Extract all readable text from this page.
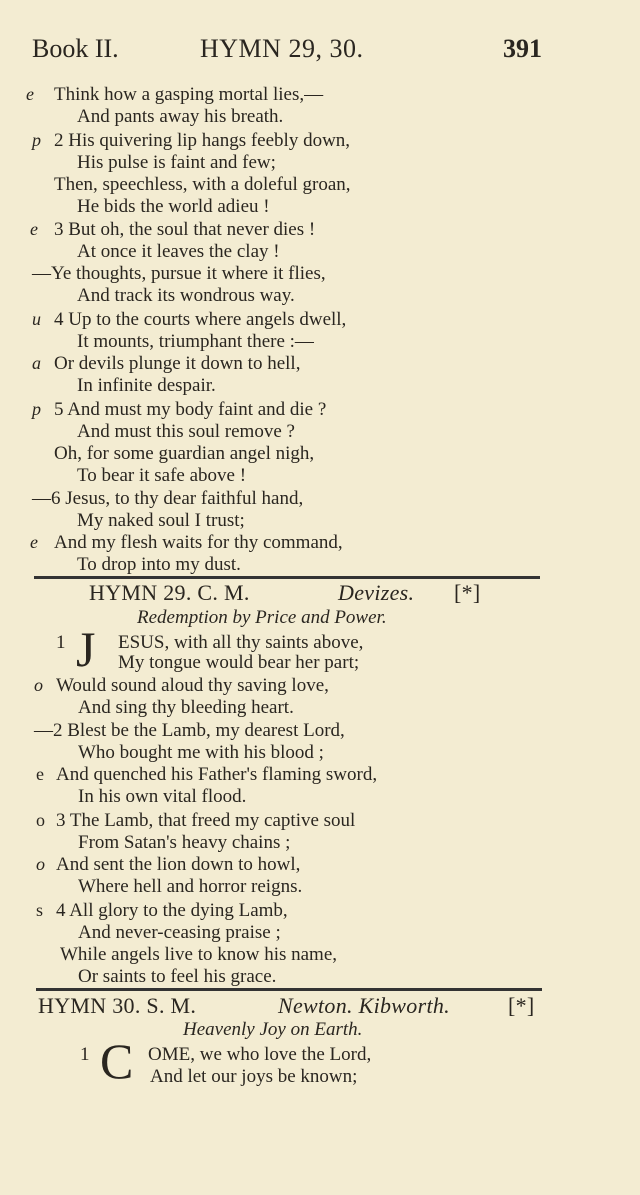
Book II.	HYMN 29, 30.	391
e Think how a gasping mortal lies,—
And pants away his breath.
p 2 His quivering lip hangs feebly down,
His pulse is faint and few;
Then, speechless, with a doleful groan,
He bids the world adieu !
e 3 But oh, the soul that never dies !
At once it leaves the clay !
—Ye thoughts, pursue it where it flies,
And track its wondrous way.
u 4 Up to the courts where angels dwell,
It mounts, triumphant there :—
a Or devils plunge it down to hell,
In infinite despair.
p 5 And must my body faint and die ?
And must this soul remove ?
Oh, for some guardian angel nigh,
To bear it safe above !
—6 Jesus, to thy dear faithful hand,
My naked soul I trust;
e And my flesh waits for thy command,
To drop into my dust.
HYMN 29. C. M.	Devizes. [*]
Redemption by Price and Power.
1 J ESUS, with all thy saints above,
My tongue would bear her part;
o Would sound aloud thy saving love,
And sing thy bleeding heart.
—2 Blest be the Lamb, my dearest Lord,
Who bought me with his blood ;
e And quenched his Father's flaming sword,
In his own vital flood.
o 3 The Lamb, that freed my captive soul
From Satan's heavy chains ;
o And sent the lion down to howl,
Where hell and horror reigns.
s 4 All glory to the dying Lamb,
And never-ceasing praise ;
While angels live to know his name,
Or saints to feel his grace.
HYMN 30. S. M.	Newton. Kibworth.	[*]
Heavenly Joy on Earth.
1 C OME, we who love the Lord,
And let our joys be known;
